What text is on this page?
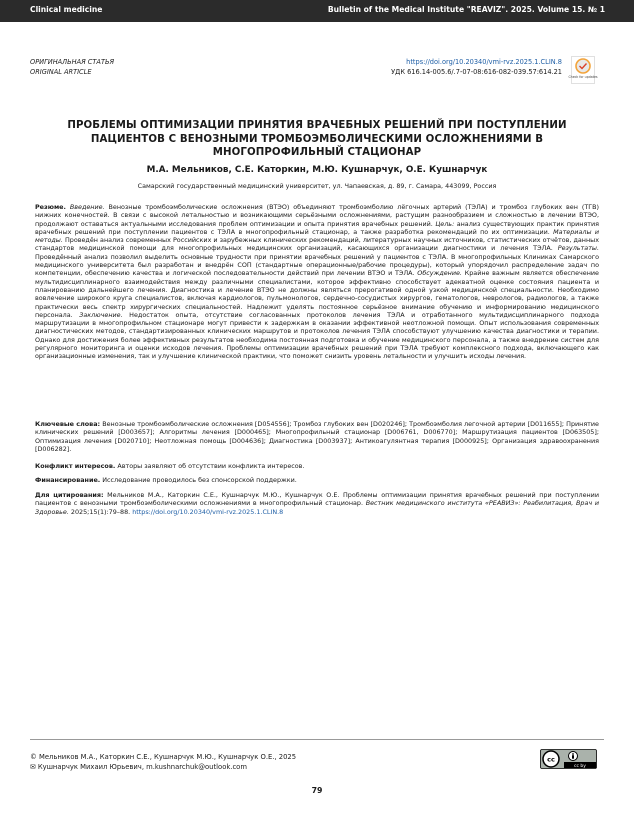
Clinical medicine	Bulletin of the Medical Institute "REAVIZ". 2025. Volume 15. № 1
ОРИГИНАЛЬНАЯ СТАТЬЯ
ORIGINAL ARTICLE
https://doi.org/10.20340/vmi-rvz.2025.1.CLIN.8
УДК 616.14-005.6/.7-07-08:616-082-039.57:614.21
Check for updates
ПРОБЛЕМЫ ОПТИМИЗАЦИИ ПРИНЯТИЯ ВРАЧЕБНЫХ РЕШЕНИЙ ПРИ ПОСТУПЛЕНИИ ПАЦИЕНТОВ С ВЕНОЗНЫМИ ТРОМБОЭМБОЛИЧЕСКИМИ ОСЛОЖНЕНИЯМИ В МНОГОПРОФИЛЬНЫЙ СТАЦИОНАР
М.А. Мельников, С.Е. Каторкин, М.Ю. Кушнарчук, О.Е. Кушнарчук
Самарский государственный медицинский университет, ул. Чапаевская, д. 89, г. Самара, 443099, Россия
Резюме. Введение. Венозные тромбоэмболические осложнения (ВТЭО) объединяют тромбоэмболию лёгочных артерий (ТЭЛА) и тромбоз глубоких вен (ТГВ) нижних конечностей. В связи с высокой летальностью и возникающими серьёзными осложнениями, растущим разнообразием и сложностью в лечении ВТЭО, продолжают оставаться актуальными исследования проблем оптимизации и опыта принятия врачебных решений. Цель: анализ существующих практик принятия врачебных решений при поступлении пациентов с ТЭЛА в многопрофильный стационар, а также разработка рекомендаций по их оптимизации. Материалы и методы. Проведён анализ современных Российских и зарубежных клинических рекомендаций, литературных научных источников, статистических отчётов, данных стандартов медицинской помощи для многопрофильных медицинских организаций, касающихся организации диагностики и лечения ТЭЛА. Результаты. Проведённый анализ позволил выделить основные трудности при принятии врачебных решений у пациентов с ТЭЛА. В многопрофильных Клиниках Самарского медицинского университета был разработан и внедрён СОП (стандартные операционные/рабочие процедуры), который упорядочил распределение задач по компетенции, обеспечению качества и логической последовательности действий при лечении ВТЭО и ТЭЛА. Обсуждение. Крайне важным является обеспечение мультидисциплинарного взаимодействия между различными специалистами, которое эффективно способствует адекватной оценке состояния пациента и планированию дальнейшего лечения. Диагностика и лечение ВТЭО не должны являться прерогативой одной узкой медицинской специальности. Необходимо вовлечение широкого круга специалистов, включая кардиологов, пульмонологов, сердечно-сосудистых хирургов, гематологов, неврологов, радиологов, а также практически весь спектр хирургических специальностей. Надлежит уделять постоянное серьёзное внимание обучению и информированию медицинского персонала. Заключение. Недостаток опыта, отсутствие согласованных протоколов лечения ТЭЛА и отработанного мультидисциплинарного подхода маршрутизации в многопрофильном стационаре могут привести к задержкам в оказании эффективной неотложной помощи. Опыт использования современных диагностических методов, стандартизированных клинических маршрутов и протоколов лечения ТЭЛА способствуют улучшению качества диагностики и терапии. Однако для достижения более эффективных результатов необходима постоянная подготовка и обучение медицинского персонала, а также внедрение систем для регулярного мониторинга и оценки исходов лечения. Проблемы оптимизации врачебных решений при ТЭЛА требуют комплексного подхода, включающего как организационные изменения, так и улучшение клинической практики, что поможет снизить уровень летальности и улучшить исходы лечения.
Ключевые слова: Венозные тромбоэмболические осложнения [D054556]; Тромбоз глубоких вен [D020246]; Тромбоэмболия легочной артерии [D011655]; Принятие клинических решений [D003657]; Алгоритмы лечения [D000465]; Многопрофильный стационар [D006761, D006770]; Маршрутизация пациентов [D063505]; Оптимизация лечения [D020710]; Неотложная помощь [D004636]; Диагностика [D003937]; Антикоагулянтная терапия [D000925]; Организация здравоохранения [D006282].
Конфликт интересов. Авторы заявляют об отсутствии конфликта интересов.
Финансирование. Исследование проводилось без спонсорской поддержки.
Для цитирования: Мельников М.А., Каторкин С.Е., Кушнарчук М.Ю., Кушнарчук О.Е. Проблемы оптимизации принятия врачебных решений при поступлении пациентов с венозными тромбоэмболическими осложнениями в многопрофильный стационар. Вестник медицинского института «РЕАВИЗ»: Реабилитация, Врач и Здоровье. 2025;15(1):79–88. https://doi.org/10.20340/vmi-rvz.2025.1.CLIN.8
© Мельников М.А., Каторкин С.Е., Кушнарчук М.Ю., Кушнарчук О.Е., 2025
✉ Кушнарчук Михаил Юрьевич, m.kushnarchuk@outlook.com
cc
cc by
79
